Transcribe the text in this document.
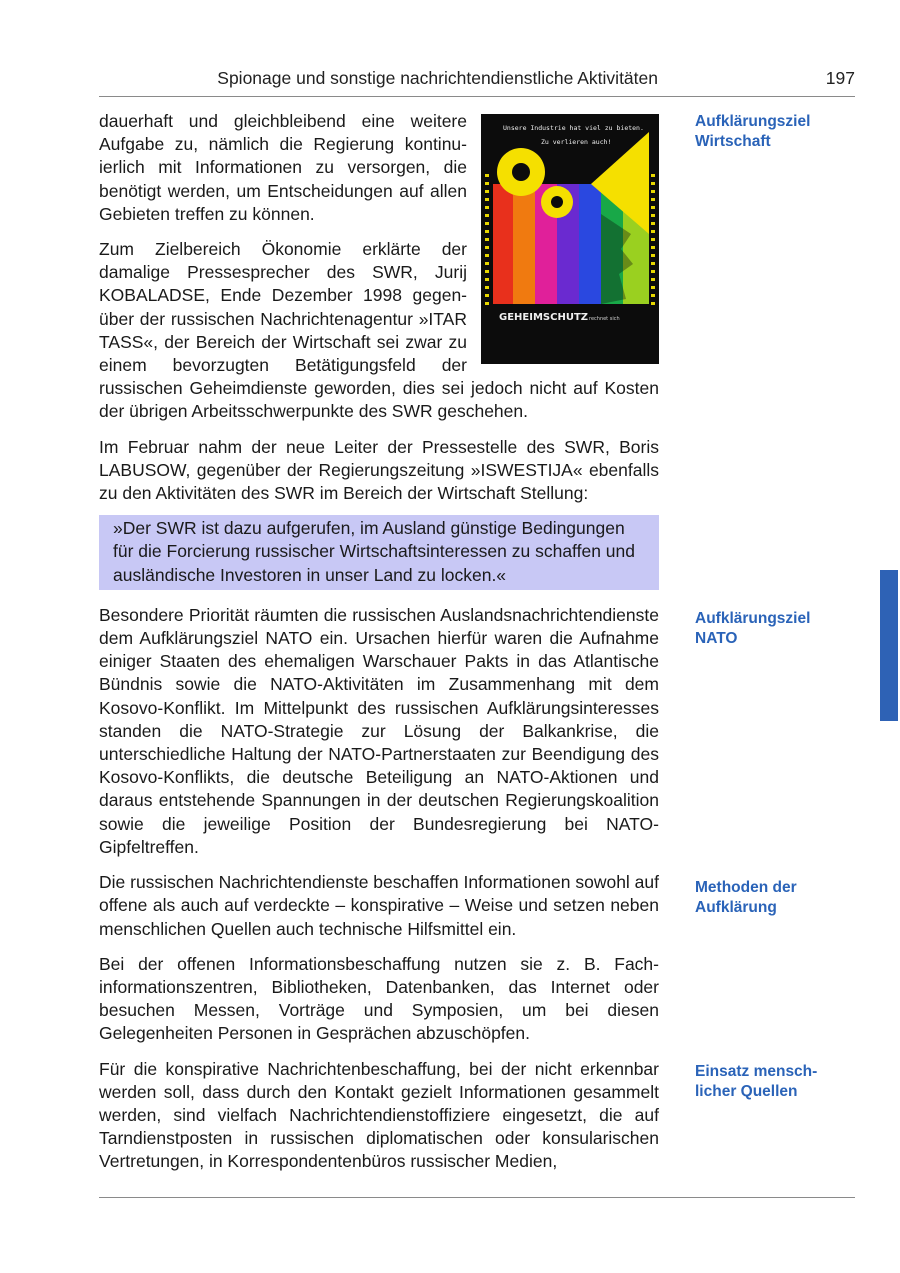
Spionage und sonstige nachrichtendienstliche Aktivitäten	197
Unsere Industrie hat viel zu bieten.
Zu verlieren auch!
GEHEIMSCHUTZ rechnet sich

dauerhaft und gleichbleibend eine weitere Aufgabe zu, nämlich die Regierung kontinuierlich mit Informationen zu versorgen, die benötigt werden, um Entscheidungen auf allen Gebieten treffen zu können.

Zum Zielbereich Ökonomie erklärte der damalige Pressesprecher des SWR, Jurij KOBALADSE, Ende Dezember 1998 gegenüber der russischen Nachrichtenagentur »ITAR TASS«, der Bereich der Wirtschaft sei zwar zu einem bevorzugten Betätigungsfeld der russischen Geheimdienste geworden, dies sei jedoch nicht auf Kosten der übrigen Arbeitsschwerpunkte des SWR geschehen.

Im Februar nahm der neue Leiter der Pressestelle des SWR, Boris LABUSOW, gegenüber der Regierungszeitung »ISWESTIJA« ebenfalls zu den Aktivitäten des SWR im Bereich der Wirtschaft Stellung:

»Der SWR ist dazu aufgerufen, im Ausland günstige Bedingungen für die Forcierung russischer Wirtschaftsinteressen zu schaffen und ausländische Investoren in unser Land zu locken.«

Besondere Priorität räumten die russischen Auslandsnachrichtendienste dem Aufklärungsziel NATO ein. Ursachen hierfür waren die Aufnahme einiger Staaten des ehemaligen Warschauer Pakts in das Atlantische Bündnis sowie die NATO-Aktivitäten im Zusammenhang mit dem Kosovo-Konflikt. Im Mittelpunkt des russischen Aufklärungsinteresses standen die NATO-Strategie zur Lösung der Balkankrise, die unterschiedliche Haltung der NATO-Partnerstaaten zur Beendigung des Kosovo-Konflikts, die deutsche Beteiligung an NATO-Aktionen und daraus entstehende Spannungen in der deutschen Regierungskoalition sowie die jeweilige Position der Bundesregierung bei NATO-Gipfeltreffen.

Die russischen Nachrichtendienste beschaffen Informationen sowohl auf offene als auch auf verdeckte – konspirative – Weise und setzen neben menschlichen Quellen auch technische Hilfsmittel ein.

Bei der offenen Informationsbeschaffung nutzen sie z. B. Fachinformationszentren, Bibliotheken, Datenbanken, das Internet oder besuchen Messen, Vorträge und Symposien, um bei diesen Gelegenheiten Personen in Gesprächen abzuschöpfen.

Für die konspirative Nachrichtenbeschaffung, bei der nicht erkennbar werden soll, dass durch den Kontakt gezielt Informationen gesammelt werden, sind vielfach Nachrichtendienstoffiziere eingesetzt, die auf Tarndienstposten in russischen diplomatischen oder konsularischen Vertretungen, in Korrespondentenbüros russischer Medien,

Aufklärungsziel
Wirtschaft
Aufklärungsziel
NATO
Methoden der
Aufklärung
Einsatz mensch-
licher Quellen
